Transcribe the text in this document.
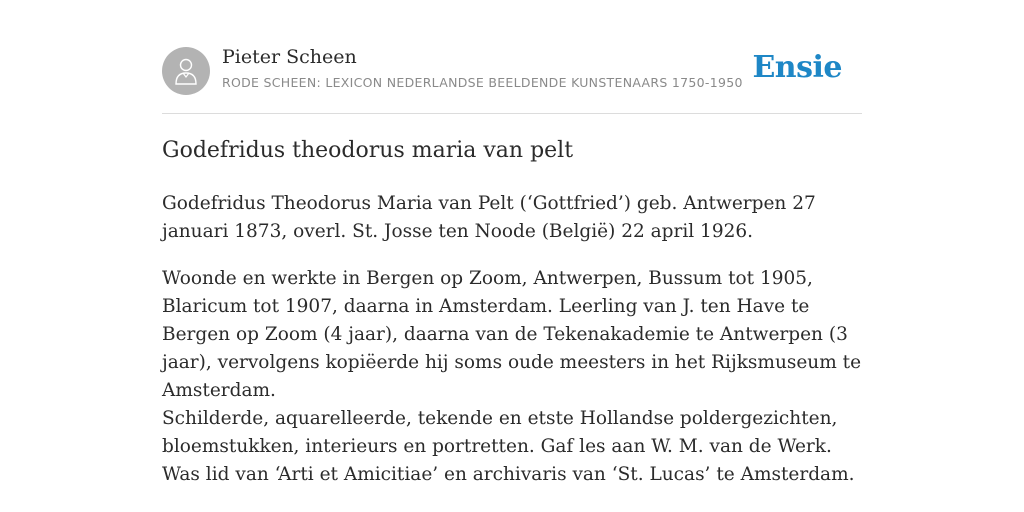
Pieter Scheen
RODE SCHEEN: LEXICON NEDERLANDSE BEELDENDE KUNSTENAARS 1750-1950 Ensie
Godefridus theodorus maria van pelt

Godefridus Theodorus Maria van Pelt (‘Gottfried’) geb. Antwerpen 27 januari 1873, overl. St. Josse ten Noode (België) 22 april 1926.

Woonde en werkte in Bergen op Zoom, Antwerpen, Bussum tot 1905, Blaricum tot 1907, daarna in Amsterdam. Leerling van J. ten Have te Bergen op Zoom (4 jaar), daarna van de Tekenakademie te Antwerpen (3 jaar), vervolgens kopiëerde hij soms oude meesters in het Rijksmuseum te Amsterdam.

Schilderde, aquarelleerde, tekende en etste Hollandse poldergezichten, bloemstukken, interieurs en portretten. Gaf les aan W. M. van de Werk. Was lid van ‘Arti et Amicitiae’ en archivaris van ‘St. Lucas’ te Amsterdam.
